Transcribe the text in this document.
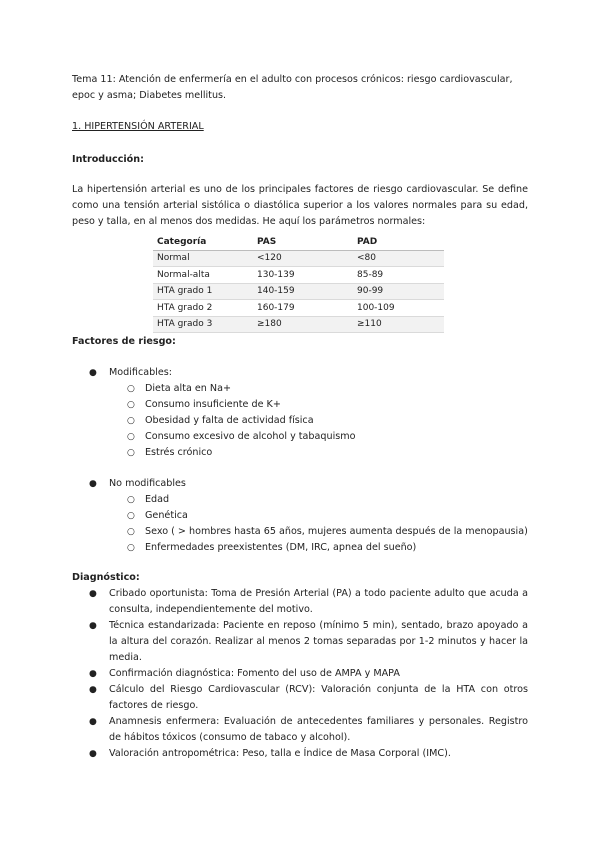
Tema 11: Atención de enfermería en el adulto con procesos crónicos: riesgo cardiovascular, epoc y asma; Diabetes mellitus.

1. HIPERTENSIÓN ARTERIAL

Introducción:

La hipertensión arterial es uno de los principales factores de riesgo cardiovascular. Se define como una tensión arterial sistólica o diastólica superior a los valores normales para su edad, peso y talla, en al menos dos medidas. He aquí los parámetros normales:

Categoría	PAS	PAD
Normal	<120	<80
Normal-alta	130-139	85-89
HTA grado 1	140-159	90-99
HTA grado 2	160-179	100-109
HTA grado 3	≥180	≥110

Factores de riesgo:

● Modificables:
○ Dieta alta en Na+
○ Consumo insuficiente de K+
○ Obesidad y falta de actividad física
○ Consumo excesivo de alcohol y tabaquismo
○ Estrés crónico
● No modificables
○ Edad
○ Genética
○ Sexo ( > hombres hasta 65 años, mujeres aumenta después de la menopausia)
○ Enfermedades preexistentes (DM, IRC, apnea del sueño)

Diagnóstico:

● Cribado oportunista: Toma de Presión Arterial (PA) a todo paciente adulto que acuda a consulta, independientemente del motivo.
● Técnica estandarizada: Paciente en reposo (mínimo 5 min), sentado, brazo apoyado a la altura del corazón. Realizar al menos 2 tomas separadas por 1-2 minutos y hacer la media.
● Confirmación diagnóstica: Fomento del uso de AMPA y MAPA
● Cálculo del Riesgo Cardiovascular (RCV): Valoración conjunta de la HTA con otros factores de riesgo.
● Anamnesis enfermera: Evaluación de antecedentes familiares y personales. Registro de hábitos tóxicos (consumo de tabaco y alcohol).
● Valoración antropométrica: Peso, talla e Índice de Masa Corporal (IMC).
